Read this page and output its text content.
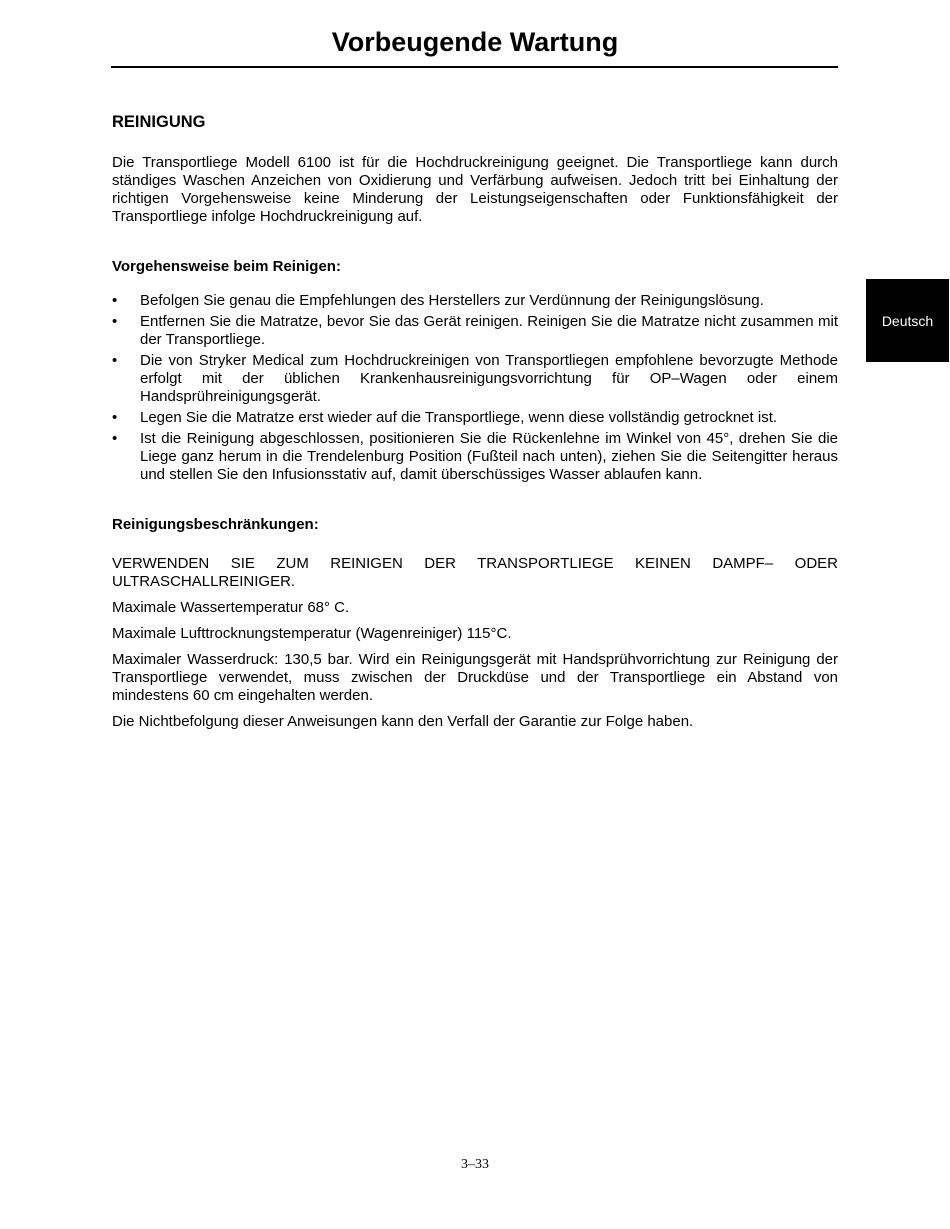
Vorbeugende Wartung
Deutsch
REINIGUNG

Die Transportliege Modell 6100 ist für die Hochdruckreinigung geeignet. Die Transportliege kann durch ständiges Waschen Anzeichen von Oxidierung und Verfärbung aufweisen. Jedoch tritt bei Einhaltung der richtigen Vorgehensweise keine Minderung der Leistungseigenschaften oder Funktionsfähigkeit der Transportliege infolge Hochdruckreinigung auf.

Vorgehensweise beim Reinigen:
• Befolgen Sie genau die Empfehlungen des Herstellers zur Verdünnung der Reinigungslösung.
• Entfernen Sie die Matratze, bevor Sie das Gerät reinigen. Reinigen Sie die Matratze nicht zusammen mit der Transportliege.
• Die von Stryker Medical zum Hochdruckreinigen von Transportliegen empfohlene bevorzugte Methode erfolgt mit der üblichen Krankenhausreinigungsvorrichtung für OP–Wagen oder einem Handsprühreinigungsgerät.
• Legen Sie die Matratze erst wieder auf die Transportliege, wenn diese vollständig getrocknet ist.
• Ist die Reinigung abgeschlossen, positionieren Sie die Rückenlehne im Winkel von 45°, drehen Sie die Liege ganz herum in die Trendelenburg Position (Fußteil nach unten), ziehen Sie die Seitengitter heraus und stellen Sie den Infusionsstativ auf, damit überschüssiges Wasser ablaufen kann.
Reinigungsbeschränkungen:

VERWENDEN SIE ZUM REINIGEN DER TRANSPORTLIEGE KEINEN DAMPF– ODER ULTRASCHALLREINIGER.

Maximale Wassertemperatur 68° C.

Maximale Lufttrocknungstemperatur (Wagenreiniger) 115°C.

Maximaler Wasserdruck: 130,5 bar. Wird ein Reinigungsgerät mit Handsprühvorrichtung zur Reinigung der Transportliege verwendet, muss zwischen der Druckdüse und der Transportliege ein Abstand von mindestens 60 cm eingehalten werden.

Die Nichtbefolgung dieser Anweisungen kann den Verfall der Garantie zur Folge haben.

3–33
